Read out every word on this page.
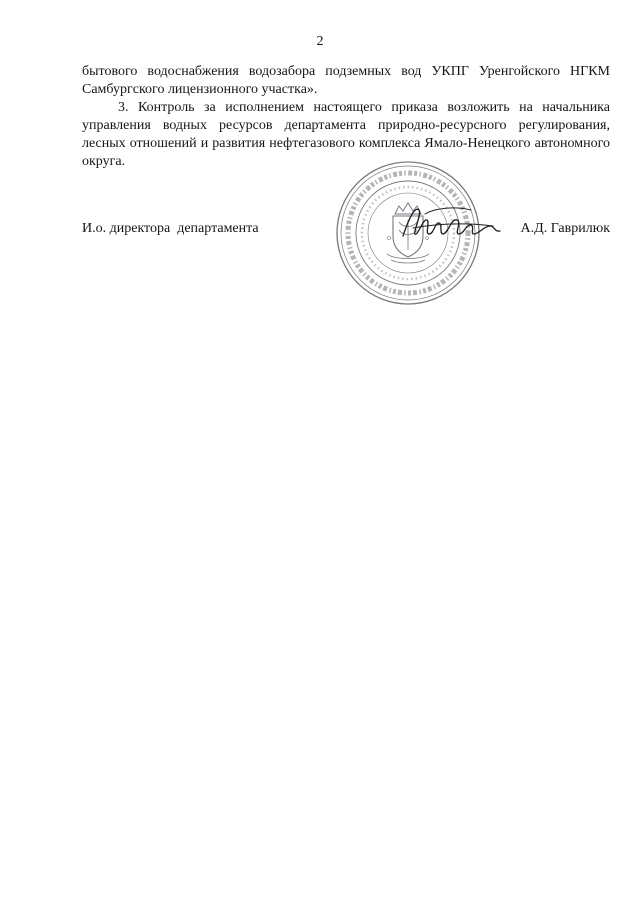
2
бытового водоснабжения водозабора подземных вод УКПГ Уренгойского НГКМ
Самбургского лицензионного участка».
3. Контроль за исполнением настоящего приказа возложить на начальника
управления водных ресурсов департамента природно-ресурсного регулирования,
лесных отношений и развития нефтегазового комплекса Ямало-Ненецкого автономного
округа.
И.о. директора  департамента	А.Д. Гаврилюк
